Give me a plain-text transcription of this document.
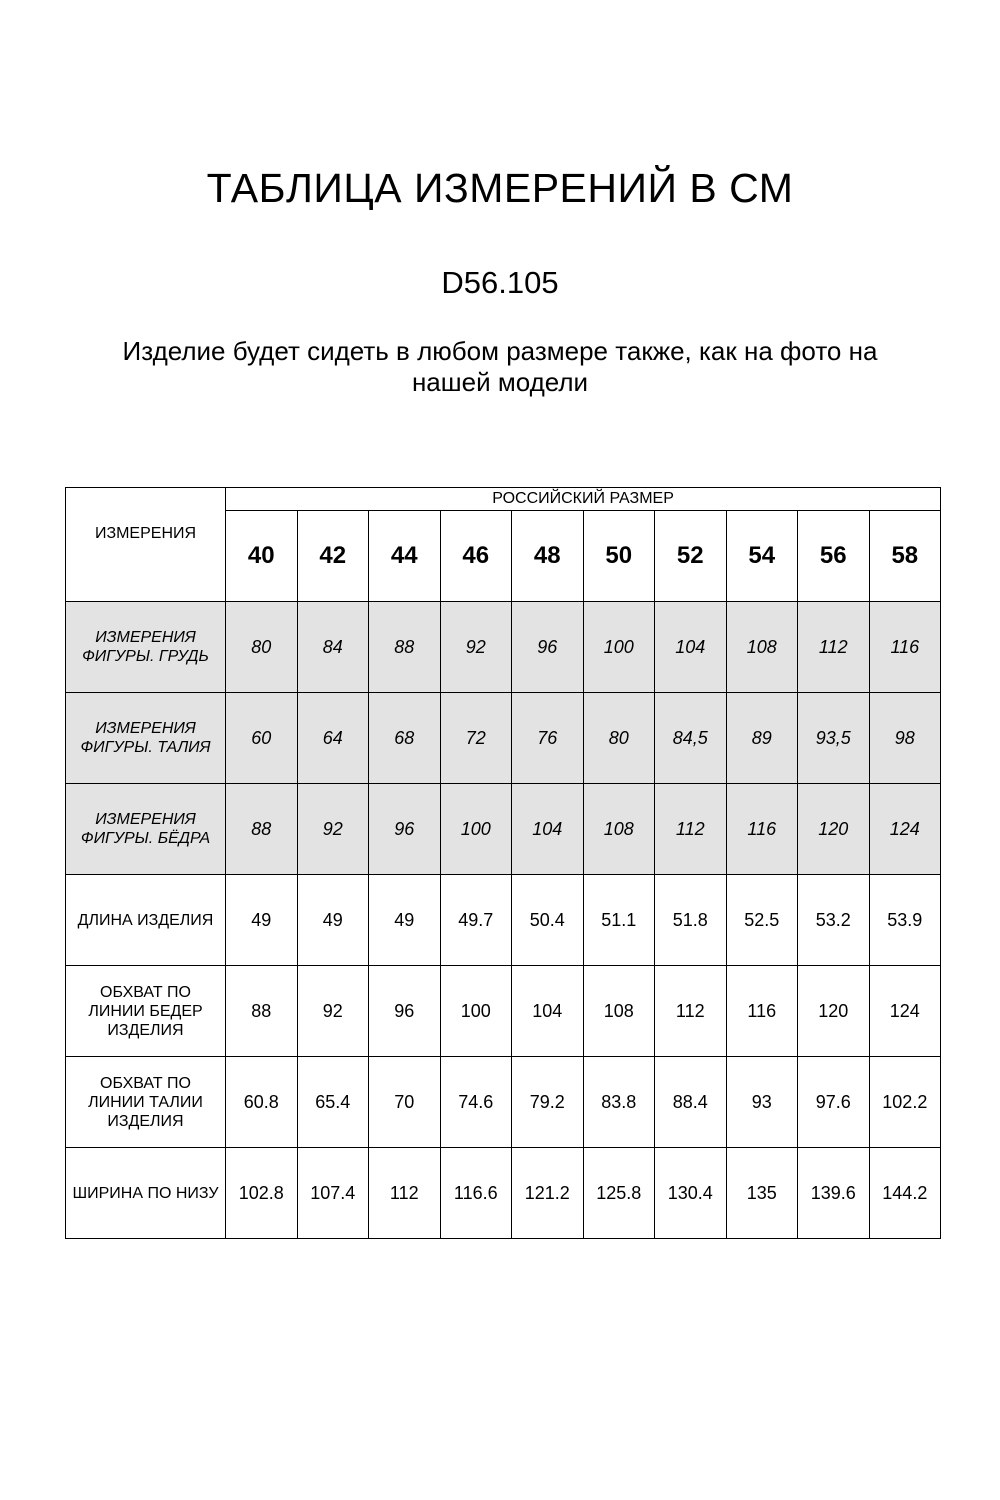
ТАБЛИЦА ИЗМЕРЕНИЙ В СМ
D56.105
Изделие будет сидеть в любом размере также, как на фото на нашей модели
ИЗМЕРЕНИЯ	РОССИЙСКИЙ РАЗМЕР									
	40	42	44	46	48	50	52	54	56	58
ИЗМЕРЕНИЯ ФИГУРЫ. ГРУДЬ	80	84	88	92	96	100	104	108	112	116
ИЗМЕРЕНИЯ ФИГУРЫ. ТАЛИЯ	60	64	68	72	76	80	84,5	89	93,5	98
ИЗМЕРЕНИЯ ФИГУРЫ. БЁДРА	88	92	96	100	104	108	112	116	120	124
ДЛИНА ИЗДЕЛИЯ	49	49	49	49.7	50.4	51.1	51.8	52.5	53.2	53.9
ОБХВАТ ПО ЛИНИИ БЕДЕР ИЗДЕЛИЯ	88	92	96	100	104	108	112	116	120	124
ОБХВАТ ПО ЛИНИИ ТАЛИИ ИЗДЕЛИЯ	60.8	65.4	70	74.6	79.2	83.8	88.4	93	97.6	102.2
ШИРИНА ПО НИЗУ	102.8	107.4	112	116.6	121.2	125.8	130.4	135	139.6	144.2
